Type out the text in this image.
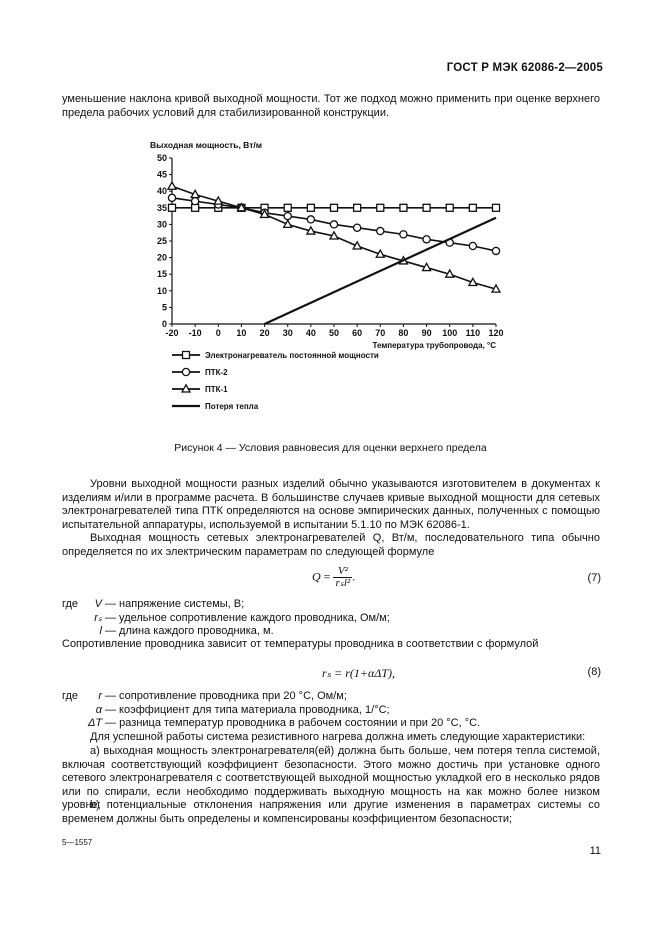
ГОСТ Р МЭК 62086-2—2005
уменьшение наклона кривой выходной мощности. Тот же подход можно применить при оценке верхнего предела рабочих условий для стабилизированной конструкции.
Выходная мощность, Вт/м
0
5
10
15
20
25
30
35
40
45
50
-20 -10 0 10 20 30 40 50 60 70 80 90 100 110 120
Температура трубопровода, °С
Электронагреватель постоянной мощности
ПТК-2
ПТК-1
Потеря тепла
Рисунок 4 — Условия равновесия для оценки верхнего предела
Уровни выходной мощности разных изделий обычно указываются изготовителем в документах к изделиям и/или в программе расчета. В большинстве случаев кривые выходной мощности для сетевых электронагревателей типа ПТК определяются на основе эмпирических данных, полученных с помощью испытательной аппаратуры, используемой в испытании 5.1.10 по МЭК 62086-1.
Выходная мощность сетевых электронагревателей Q, Вт/м, последовательного типа обычно определяется по их электрическим параметрам по следующей формуле
$Q = \frac{\text{V²}}{\text{rₛl²}}$ .	(7)
где V — напряжение системы, В;
rₛ — удельное сопротивление каждого проводника, Ом/м;
l — длина каждого проводника, м.
Сопротивление проводника зависит от температуры проводника в соответствии с формулой
rₛ = r(1+αΔT),	(8)
где r — сопротивление проводника при 20 °С, Ом/м;
α — коэффициент для типа материала проводника, 1/°С;
ΔT — разница температур проводника в рабочем состоянии и при 20 °С, °С.
Для успешной работы система резистивного нагрева должна иметь следующие характеристики:
a) выходная мощность электронагревателя(ей) должна быть больше, чем потеря тепла системой, включая соответствующий коэффициент безопасности. Этого можно достичь при установке одного сетевого электронагревателя с соответствующей выходной мощностью укладкой его в несколько рядов или по спирали, если необходимо поддерживать выходную мощность на как можно более низком уровне;
b) потенциальные отклонения напряжения или другие изменения в параметрах системы со временем должны быть определены и компенсированы коэффициентом безопасности;
5—1557
11
